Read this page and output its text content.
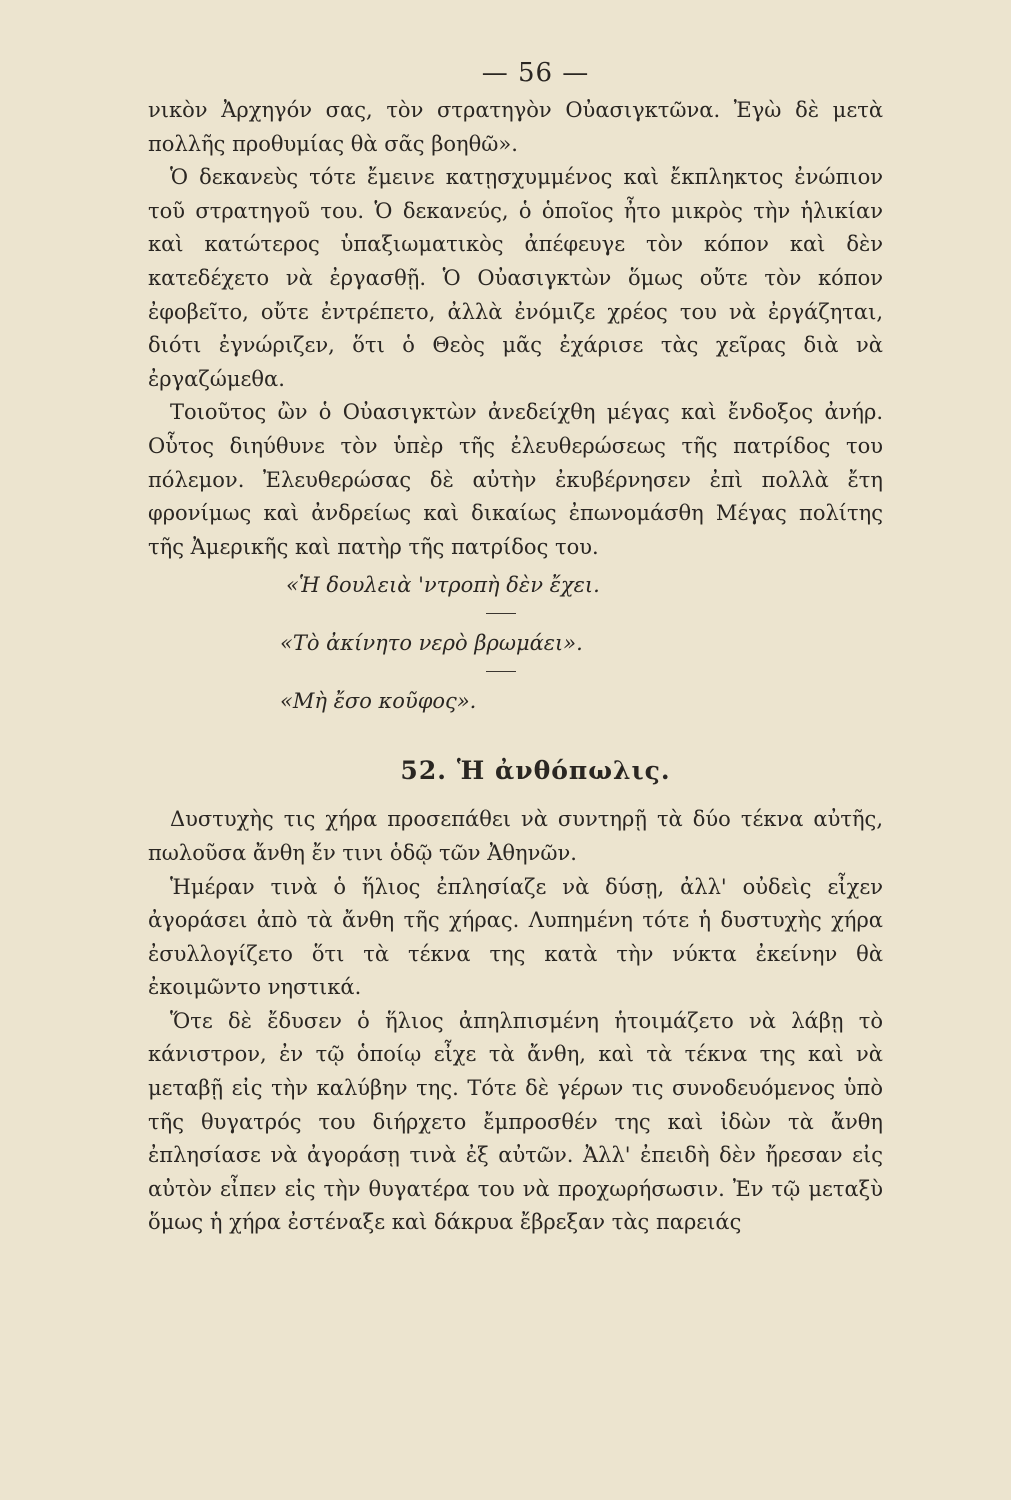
— 56 —

νικὸν Ἀρχηγόν σας, τὸν στρατηγὸν Οὐασιγκτῶνα. Ἐγὼ δὲ μετὰ πολλῆς προθυμίας θὰ σᾶς βοηθῶ».

Ὁ δεκανεὺς τότε ἔμεινε κατῃσχυμμένος καὶ ἔκπληκτος ἐνώπιον τοῦ στρατηγοῦ του. Ὁ δεκανεύς, ὁ ὁποῖος ἦτο μικρὸς τὴν ἡλικίαν καὶ κατώτερος ὑπαξιωματικὸς ἀπέφευγε τὸν κόπον καὶ δὲν κατεδέχετο νὰ ἐργασθῇ. Ὁ Οὐασιγκτὼν ὅμως οὔτε τὸν κόπον ἐφοβεῖτο, οὔτε ἐντρέπετο, ἀλλὰ ἐνόμιζε χρέος του νὰ ἐργάζηται, διότι ἐγνώριζεν, ὅτι ὁ Θεὸς μᾶς ἐχάρισε τὰς χεῖρας διὰ νὰ ἐργαζώμεθα.

Τοιοῦτος ὢν ὁ Οὐασιγκτὼν ἀνεδείχθη μέγας καὶ ἔνδοξος ἀνήρ. Οὗτος διηύθυνε τὸν ὑπὲρ τῆς ἐλευθερώσεως τῆς πατρίδος του πόλεμον. Ἐλευθερώσας δὲ αὐτὴν ἐκυβέρνησεν ἐπὶ πολλὰ ἔτη φρονίμως καὶ ἀνδρείως καὶ δικαίως ἐπωνομάσθη Μέγας πολίτης τῆς Ἀμερικῆς καὶ πατὴρ τῆς πατρίδος του.

«Ἡ δουλειὰ 'ντροπὴ δὲν ἔχει.

«Τὸ ἀκίνητο νερὸ βρωμάει».

«Μὴ ἔσο κοῦφος».

52. Ἡ ἀνθόπωλις.

Δυστυχὴς τις χήρα προσεπάθει νὰ συντηρῇ τὰ δύο τέκνα αὐτῆς, πωλοῦσα ἄνθη ἔν τινι ὁδῷ τῶν Ἀθηνῶν.

Ἡμέραν τινὰ ὁ ἥλιος ἐπλησίαζε νὰ δύσῃ, ἀλλ' οὐδεὶς εἶχεν ἀγοράσει ἀπὸ τὰ ἄνθη τῆς χήρας. Λυπημένη τότε ἡ δυστυχὴς χήρα ἐσυλλογίζετο ὅτι τὰ τέκνα της κατὰ τὴν νύκτα ἐκείνην θὰ ἐκοιμῶντο νηστικά.

Ὅτε δὲ ἔδυσεν ὁ ἥλιος ἀπηλπισμένη ἡτοιμάζετο νὰ λάβῃ τὸ κάνιστρον, ἐν τῷ ὁποίῳ εἶχε τὰ ἄνθη, καὶ τὰ τέκνα της καὶ νὰ μεταβῇ εἰς τὴν καλύβην της. Τότε δὲ γέρων τις συνοδευόμενος ὑπὸ τῆς θυγατρός του διήρχετο ἔμπροσθέν της καὶ ἰδὼν τὰ ἄνθη ἐπλησίασε νὰ ἀγοράσῃ τινὰ ἐξ αὐτῶν. Ἀλλ' ἐπειδὴ δὲν ἤρεσαν εἰς αὐτὸν εἶπεν εἰς τὴν θυγατέρα του νὰ προχωρήσωσιν. Ἐν τῷ μεταξὺ ὅμως ἡ χήρα ἐστέναξε καὶ δάκρυα ἔβρεξαν τὰς παρειάς
